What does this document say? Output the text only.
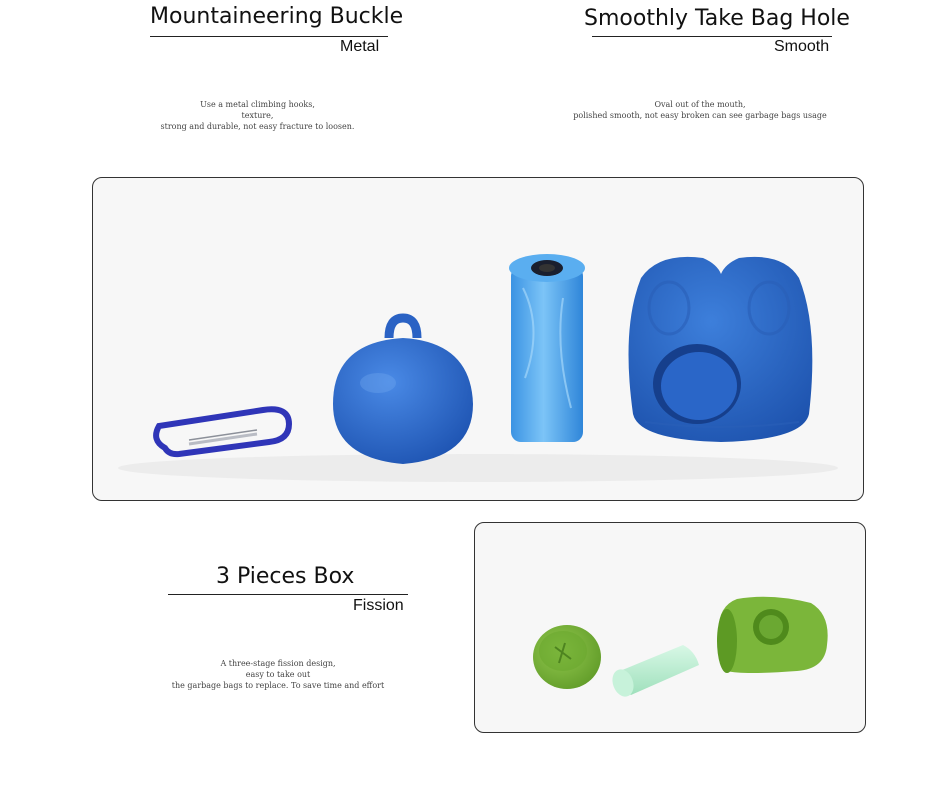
Mountaineering Buckle
Metal
Use a metal climbing hooks,
texture,
strong and durable, not easy fracture to loosen.
Smoothly Take Bag Hole
Smooth
Oval out of the mouth,
polished smooth, not easy broken can see garbage bags usage
3 Pieces Box
Fission
A three-stage fission design,
easy to take out
the garbage bags to replace. To save time and effort
